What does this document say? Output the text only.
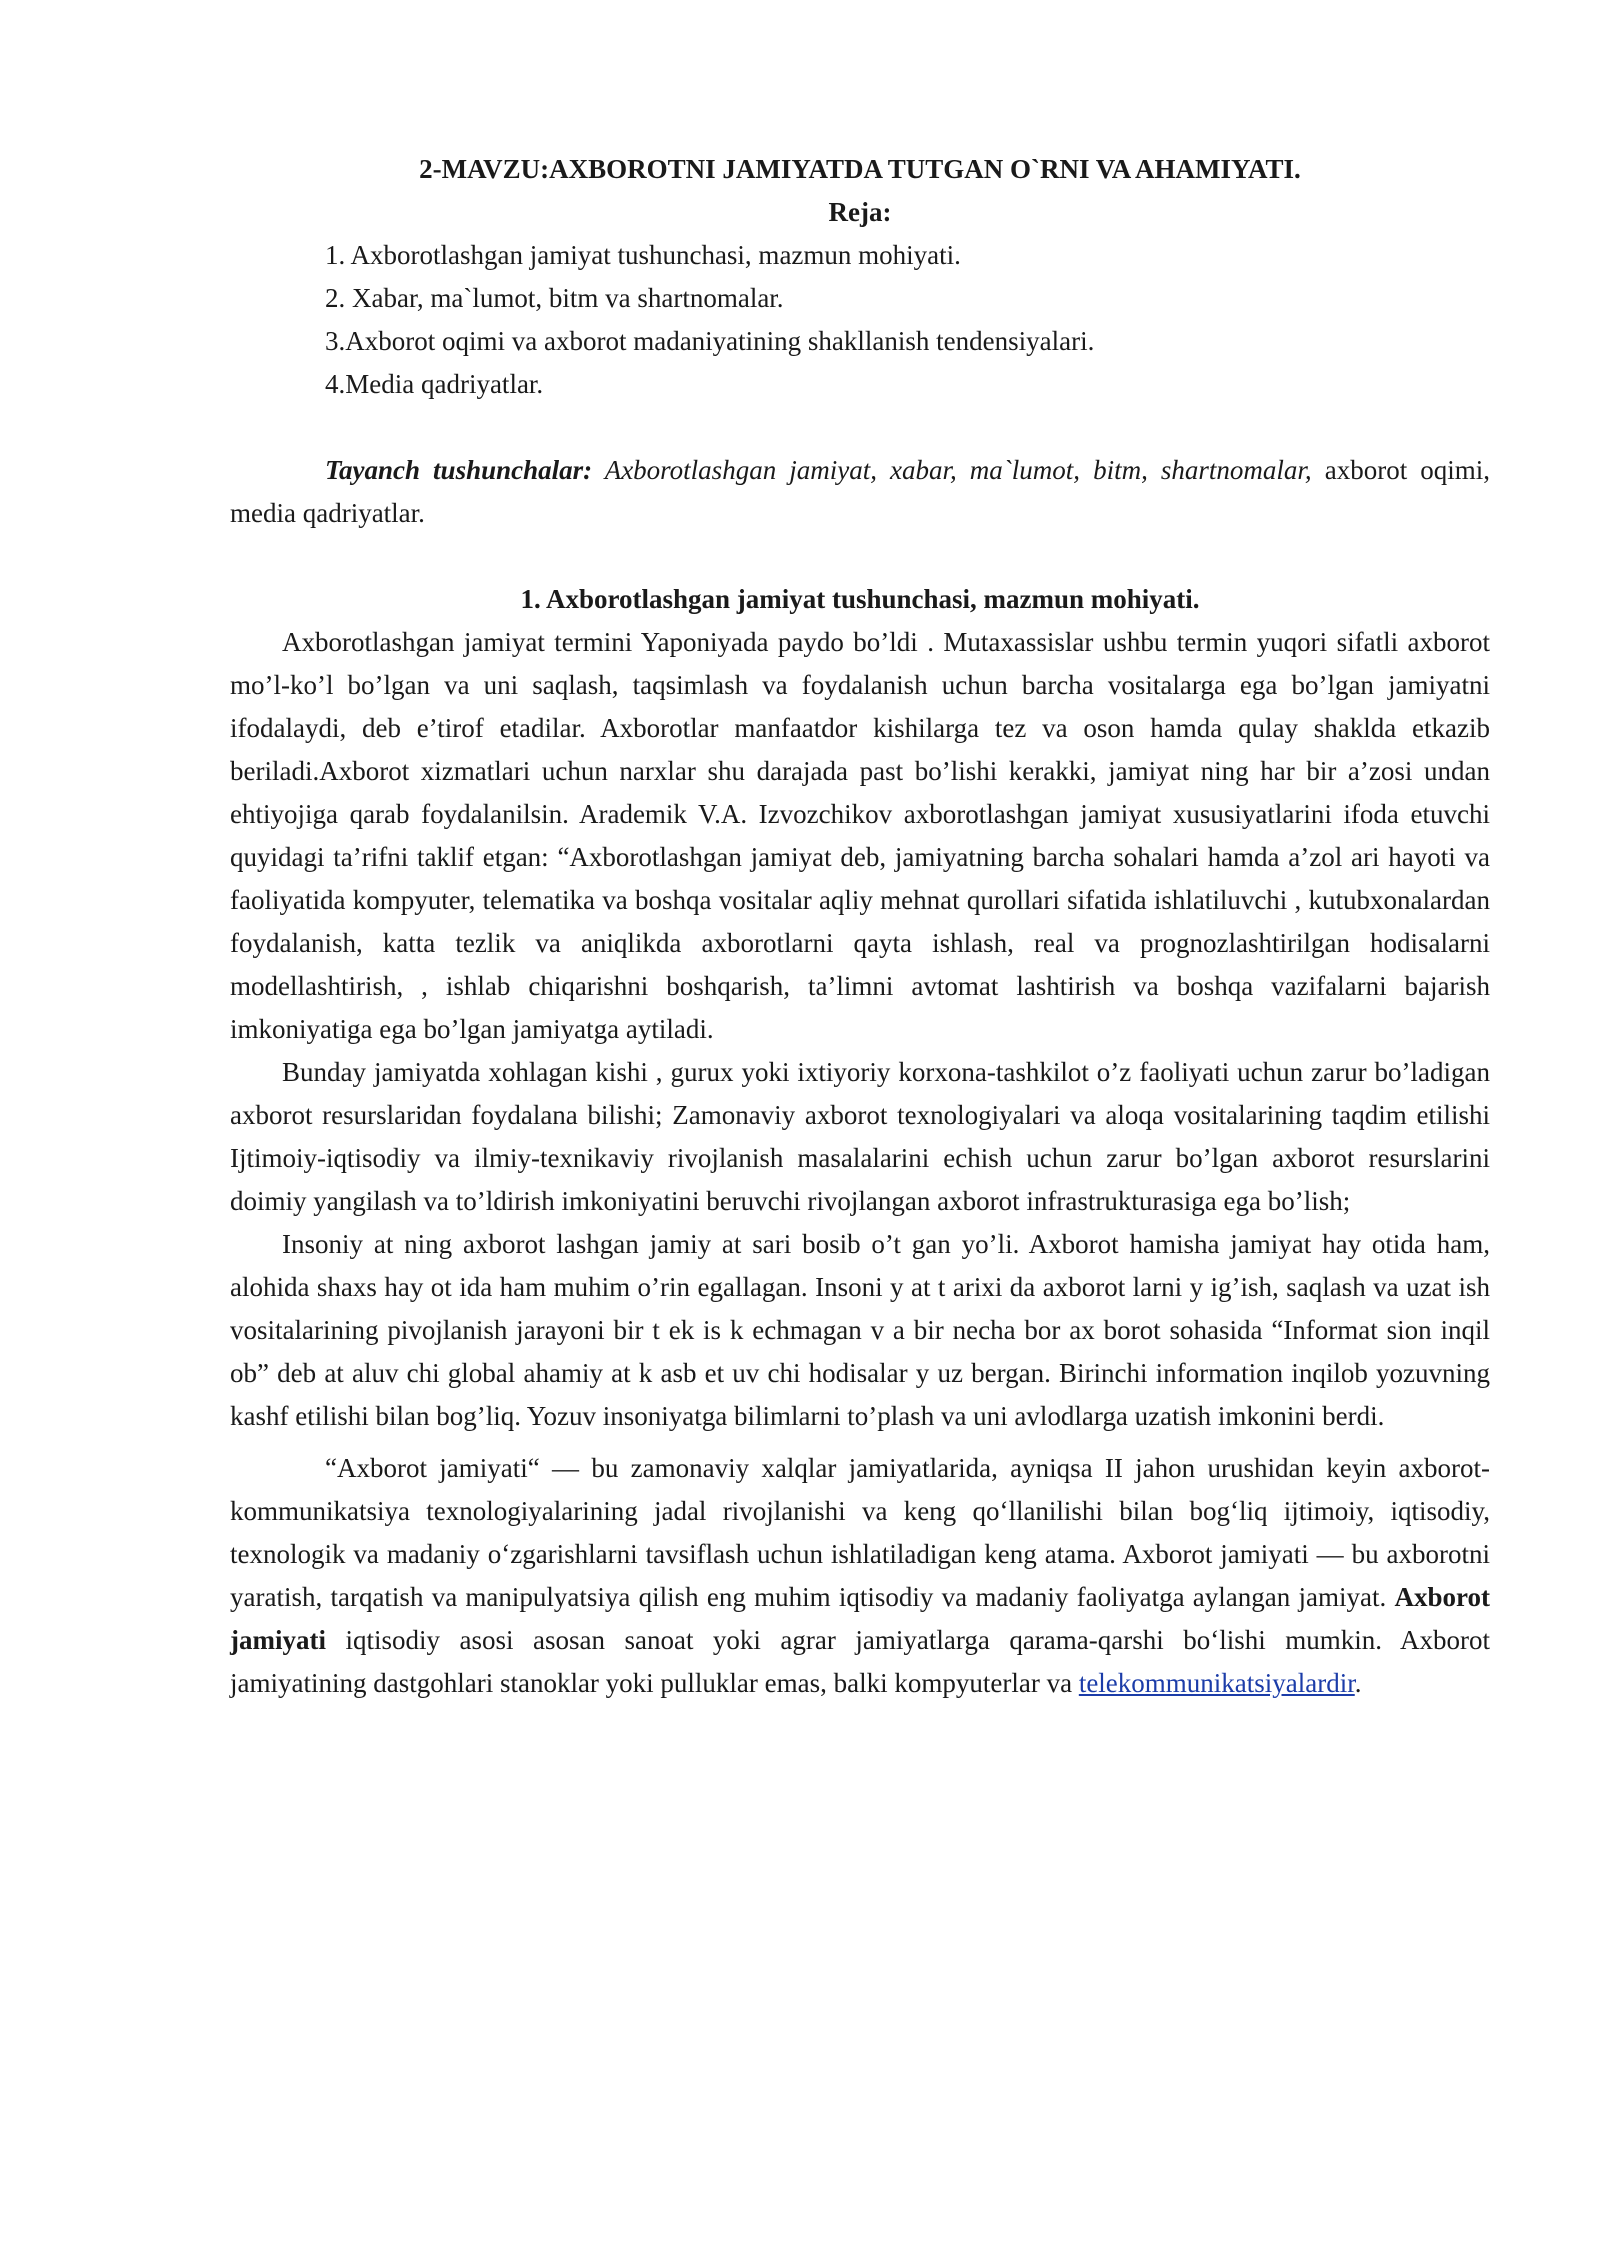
2-MAVZU:AXBOROTNI JAMIYATDA TUTGAN O`RNI VA AHAMIYATI.
Reja:
1. Axborotlashgan jamiyat tushunchasi, mazmun mohiyati.
2. Xabar, ma`lumot, bitm va shartnomalar.
3.Axborot oqimi va axborot madaniyatining shakllanish tendensiyalari.
4.Media qadriyatlar.
Tayanch tushunchalar: Axborotlashgan jamiyat, xabar, ma`lumot, bitm, shartnomalar, axborot oqimi, media qadriyatlar.
1. Axborotlashgan jamiyat tushunchasi, mazmun mohiyati.
Axborotlashgan jamiyat termini Yaponiyada paydo bo’ldi . Mutaxassislar ushbu termin yuqori sifatli axborot mo’l-ko’l bo’lgan va uni saqlash, taqsimlash va foydalanish uchun barcha vositalarga ega bo’lgan jamiyatni ifodalaydi, deb e’tirof etadilar. Axborotlar manfaatdor kishilarga tez va oson hamda qulay shaklda etkazib beriladi.Axborot xizmatlari uchun narxlar shu darajada past bo’lishi kerakki, jamiyat ning har bir a’zosi undan ehtiyojiga qarab foydalanilsin. Arademik V.A. Izvozchikov axborotlashgan jamiyat xususiyatlarini ifoda etuvchi quyidagi ta’rifni taklif etgan: “Axborotlashgan jamiyat deb, jamiyatning barcha sohalari hamda a’zol ari hayoti va faoliyatida kompyuter, telematika va boshqa vositalar aqliy mehnat qurollari sifatida ishlatiluvchi , kutubxonalardan foydalanish, katta tezlik va aniqlikda axborotlarni qayta ishlash, real va prognozlashtirilgan hodisalarni modellashtirish, , ishlab chiqarishni boshqarish, ta’limni avtomat lashtirish va boshqa vazifalarni bajarish imkoniyatiga ega bo’lgan jamiyatga aytiladi.
Bunday jamiyatda xohlagan kishi , gurux yoki ixtiyoriy korxona-tashkilot o’z faoliyati uchun zarur bo’ladigan axborot resurslaridan foydalana bilishi; Zamonaviy axborot texnologiyalari va aloqa vositalarining taqdim etilishi Ijtimoiy-iqtisodiy va ilmiy-texnikaviy rivojlanish masalalarini echish uchun zarur bo’lgan axborot resurslarini doimiy yangilash va to’ldirish imkoniyatini beruvchi rivojlangan axborot infrastrukturasiga ega bo’lish;
Insoniy at ning axborot lashgan jamiy at sari bosib o’t gan yo’li. Axborot hamisha jamiyat hay otida ham, alohida shaxs hay ot ida ham muhim o’rin egallagan. Insoni y at t arixi da axborot larni y ig’ish, saqlash va uzat ish vositalarining pivojlanish jarayoni bir t ek is k echmagan v a bir necha bor ax borot sohasida “Informat sion inqil ob” deb at aluv chi global ahamiy at k asb et uv chi hodisalar y uz bergan. Birinchi information inqilob yozuvning kashf etilishi bilan bog’liq. Yozuv insoniyatga bilimlarni to’plash va uni avlodlarga uzatish imkonini berdi.
“Axborot jamiyati“ — bu zamonaviy xalqlar jamiyatlarida, ayniqsa II jahon urushidan keyin axborot-kommunikatsiya texnologiyalarining jadal rivojlanishi va keng qo‘llanilishi bilan bog‘liq ijtimoiy, iqtisodiy, texnologik va madaniy o‘zgarishlarni tavsiflash uchun ishlatiladigan keng atama. Axborot jamiyati — bu axborotni yaratish, tarqatish va manipulyatsiya qilish eng muhim iqtisodiy va madaniy faoliyatga aylangan jamiyat. Axborot jamiyati iqtisodiy asosi asosan sanoat yoki agrar jamiyatlarga qarama-qarshi bo‘lishi mumkin. Axborot jamiyatining dastgohlari stanoklar yoki pulluklar emas, balki kompyuterlar va telekommunikatsiyalardir.
